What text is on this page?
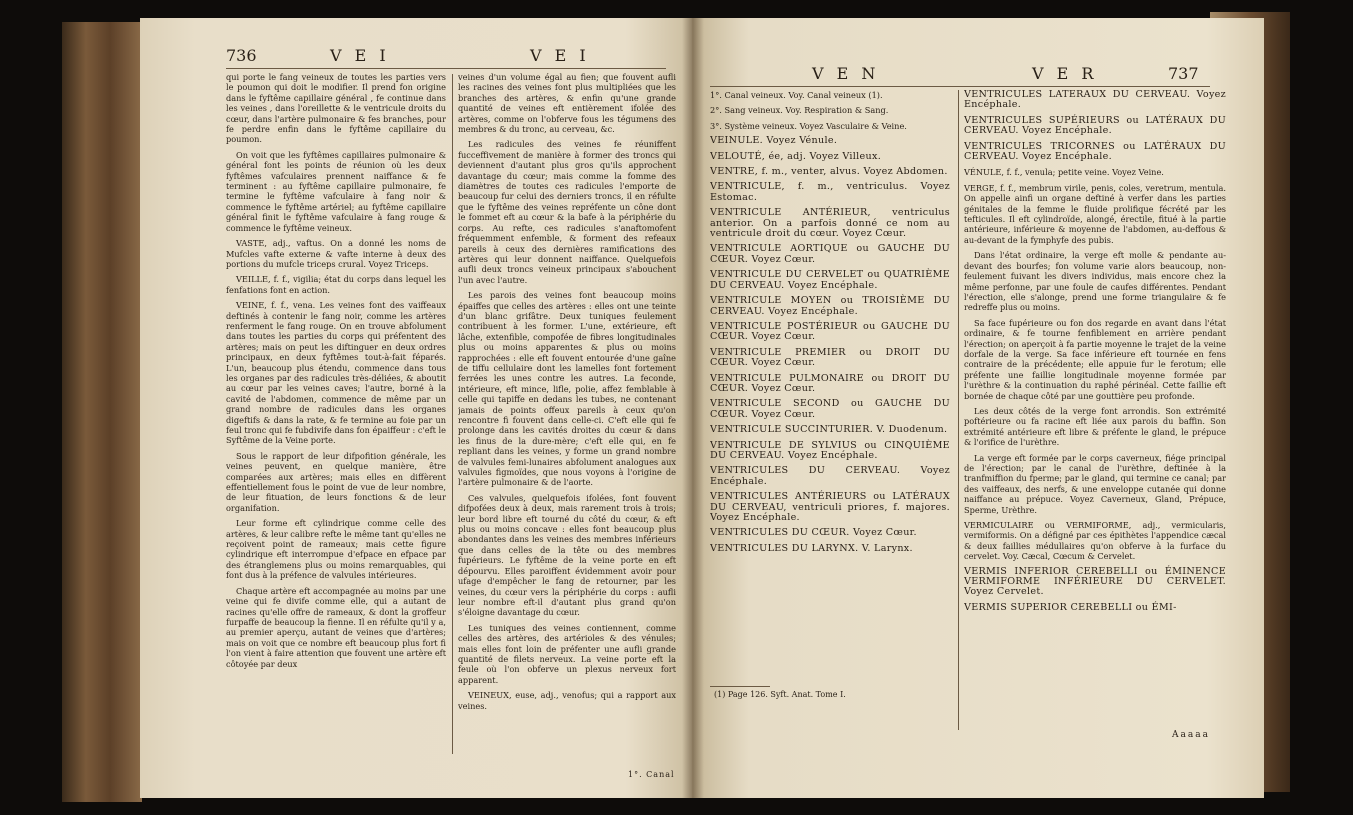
736	V E I	V E I

qui porte le fang veineux de toutes les parties vers le poumon qui doit le modifier. Il prend fon origine dans le fyftême capillaire général , fe continue dans les veines , dans l'oreillette & le ventricule droits du cœur, dans l'artère pulmonaire & fes branches, pour fe perdre enfin dans le fyftême capillaire du poumon.

On voit que les fyftêmes capillaires pulmonaire & général font les points de réunion où les deux fyftêmes vafculaires prennent naiffance & fe terminent : au fyftême capillaire pulmonaire, fe termine le fyftême vafculaire à fang noir & commence le fyftême artériel; au fyftême capillaire général finit le fyftême vafculaire à fang rouge & commence le fyftême veineux.

VASTE, adj., vaftus. On a donné les noms de Mufcles vafte externe & vafte interne à deux des portions du mufcle triceps crural. Voyez Triceps.

VEILLE, f. f., vigilia; état du corps dans lequel les fenfations font en action.

VEINE, f. f., vena. Les veines font des vaiffeaux deftinés à contenir le fang noir, comme les artères renferment le fang rouge. On en trouve abfolument dans toutes les parties du corps qui préfentent des artères; mais on peut les diftinguer en deux ordres principaux, en deux fyftêmes tout-à-fait féparés. L'un, beaucoup plus étendu, commence dans tous les organes par des radicules très-déliées, & aboutit au cœur par les veines caves; l'autre, borné à la cavité de l'abdomen, commence de même par un grand nombre de radicules dans les organes digeftifs & dans la rate, & fe termine au foie par un feul tronc qui fe fubdivife dans fon épaiffeur : c'eft le Syftême de la Veine porte.

Sous le rapport de leur difpofition générale, les veines peuvent, en quelque manière, être comparées aux artères; mais elles en diffèrent effentiellement fous le point de vue de leur nombre, de leur fituation, de leurs fonctions & de leur organifation.

Leur forme eft cylindrique comme celle des artères, & leur calibre refte le même tant qu'elles ne reçoivent point de rameaux; mais cette figure cylindrique eft interrompue d'efpace en efpace par des étranglemens plus ou moins remarquables, qui font dus à la préfence de valvules intérieures.

Chaque artère eft accompagnée au moins par une veine qui fe divife comme elle, qui a autant de racines qu'elle offre de rameaux, & dont la groffeur furpaffe de beaucoup la fienne. Il en réfulte qu'il y a, au premier aperçu, autant de veines que d'artères; mais on voit que ce nombre eft beaucoup plus fort fi l'on vient à faire attention que fouvent une artère eft côtoyée par deux

veines d'un volume égal au fien; que fouvent aufli les racines des veines font plus multipliées que les branches des artères, & enfin qu'une grande quantité de veines eft entièrement ifolée des artères, comme on l'obferve fous les tégumens des membres & du tronc, au cerveau, &c.

Les radicules des veines fe réuniffent fucceffivement de manière à former des troncs qui deviennent d'autant plus gros qu'ils approchent davantage du cœur; mais comme la fomme des diamètres de toutes ces radicules l'emporte de beaucoup fur celui des derniers troncs, il en réfulte que le fyftême des veines repréfente un cône dont le fommet eft au cœur & la bafe à la périphérie du corps. Au refte, ces radicules s'anaftomofent fréquemment enfemble, & forment des refeaux pareils à ceux des dernières ramifications des artères qui leur donnent naiffance. Quelquefois aufli deux troncs veineux principaux s'abouchent l'un avec l'autre.

Les parois des veines font beaucoup moins épaiffes que celles des artères : elles ont une teinte d'un blanc grifâtre. Deux tuniques feulement contribuent à les former. L'une, extérieure, eft lâche, extenfible, compofée de fibres longitudinales plus ou moins apparentes & plus ou moins rapprochées : elle eft fouvent entourée d'une gaîne de tiffu cellulaire dont les lamelles font fortement ferrées les unes contre les autres. La feconde, intérieure, eft mince, lifle, polie, affez femblable à celle qui tapiffe en dedans les tubes, ne contenant jamais de points offeux pareils à ceux qu'on rencontre fi fouvent dans celle-ci. C'eft elle qui fe prolonge dans les cavités droites du cœur & dans les finus de la dure-mère; c'eft elle qui, en fe repliant dans les veines, y forme un grand nombre de valvules femi-lunaires abfolument analogues aux valvules figmoïdes, que nous voyons à l'origine de l'artère pulmonaire & de l'aorte.

Ces valvules, quelquefois ifolées, font fouvent difpofées deux à deux, mais rarement trois à trois; leur bord libre eft tourné du côté du cœur, & eft plus ou moins concave : elles font beaucoup plus abondantes dans les veines des membres inférieurs que dans celles de la tête ou des membres fupérieurs. Le fyftême de la veine porte en eft dépourvu. Elles paroiffent évidemment avoir pour ufage d'empêcher le fang de retourner, par les veines, du cœur vers la périphérie du corps : aufli leur nombre eft-il d'autant plus grand qu'on s'éloigne davantage du cœur.

Les tuniques des veines contiennent, comme celles des artères, des artérioles & des vénules; mais elles font loin de préfenter une aufli grande quantité de filets nerveux. La veine porte eft la feule où l'on obferve un plexus nerveux fort apparent.

VEINEUX, euse, adj., venofus; qui a rapport aux veines.

1°. Canal
V E N	V E R	737

1°. Canal veineux. Voy. Canal veineux (1).

2°. Sang veineux. Voy. Respiration & Sang.

3°. Système veineux. Voyez Vasculaire & Veine.

VEINULE. Voyez Vénule.

VELOUTÉ, ée, adj. Voyez Villeux.

VENTRE, f. m., venter, alvus. Voyez Abdomen.

VENTRICULE, f. m., ventriculus. Voyez Estomac.

VENTRICULE ANTÉRIEUR, ventriculus anterior. On a parfois donné ce nom au ventricule droit du cœur. Voyez Cœur.

VENTRICULE AORTIQUE ou GAUCHE DU CŒUR. Voyez Cœur.

VENTRICULE DU CERVELET ou QUATRIÈME DU CERVEAU. Voyez Encéphale.

VENTRICULE MOYEN ou TROISIÈME DU CERVEAU. Voyez Encéphale.

VENTRICULE POSTÉRIEUR ou GAUCHE DU CŒUR. Voyez Cœur.

VENTRICULE PREMIER ou DROIT DU CŒUR. Voyez Cœur.

VENTRICULE PULMONAIRE ou DROIT DU CŒUR. Voyez Cœur.

VENTRICULE SECOND ou GAUCHE DU CŒUR. Voyez Cœur.

VENTRICULE SUCCINTURIER. V. Duodenum.

VENTRICULE DE SYLVIUS ou CINQUIÈME DU CERVEAU. Voyez Encéphale.

VENTRICULES DU CERVEAU. Voyez Encéphale.

VENTRICULES ANTÉRIEURS ou LATÉRAUX DU CERVEAU, ventriculi priores, f. majores. Voyez Encéphale.

VENTRICULES DU CŒUR. Voyez Cœur.

VENTRICULES DU LARYNX. V. Larynx.

(1) Page 126. Syft. Anat. Tome I.

VENTRICULES LATÉRAUX DU CERVEAU. Voyez Encéphale.

VENTRICULES SUPÉRIEURS ou LATÉRAUX DU CERVEAU. Voyez Encéphale.

VENTRICULES TRICORNES ou LATÉRAUX DU CERVEAU. Voyez Encéphale.

VÉNULE, f. f., venula; petite veine. Voyez Veine.

VERGE, f. f., membrum virile, penis, coles, veretrum, mentula. On appelle ainfi un organe deftiné à verfer dans les parties génitales de la femme le fluide prolifique fécrété par les tefticules. Il eft cylindroïde, alongé, érectile, fitué à la partie antérieure, inférieure & moyenne de l'abdomen, au-deffous & au-devant de la fymphyfe des pubis.

Dans l'état ordinaire, la verge eft molle & pendante au-devant des bourfes; fon volume varie alors beaucoup, non-feulement fuivant les divers individus, mais encore chez la même perfonne, par une foule de caufes différentes. Pendant l'érection, elle s'alonge, prend une forme triangulaire & fe redreffe plus ou moins.

Sa face fupérieure ou fon dos regarde en avant dans l'état ordinaire, & fe tourne fenfiblement en arrière pendant l'érection; on aperçoit à fa partie moyenne le trajet de la veine dorfale de la verge. Sa face inférieure eft tournée en fens contraire de la précédente; elle appuie fur le ferotum; elle préfente une faillie longitudinale moyenne formée par l'urèthre & la continuation du raphé périnéal. Cette faillie eft bornée de chaque côté par une gouttière peu profonde.

Les deux côtés de la verge font arrondis. Son extrémité poftérieure ou fa racine eft liée aux parois du baffin. Son extrémité antérieure eft libre & préfente le gland, le prépuce & l'orifice de l'urèthre.

La verge eft formée par le corps caverneux, fiége principal de l'érection; par le canal de l'urèthre, deftinée à la tranfmiffion du fperme; par le gland, qui termine ce canal; par des vaiffeaux, des nerfs, & une enveloppe cutanée qui donne naiffance au prépuce. Voyez Caverneux, Gland, Prépuce, Sperme, Urèthre.

VERMICULAIRE ou VERMIFORME, adj., vermicularis, vermiformis. On a défigné par ces épithètes l'appendice cæcal & deux faillies médullaires qu'on obferve à la furface du cervelet. Voy. Cæcal, Cœcum & Cervelet.

VERMIS INFERIOR CEREBELLI ou ÉMINENCE VERMIFORME INFÉRIEURE DU CERVELET. Voyez Cervelet.

VERMIS SUPERIOR CEREBELLI ou ÉMI-

Aaaaa
